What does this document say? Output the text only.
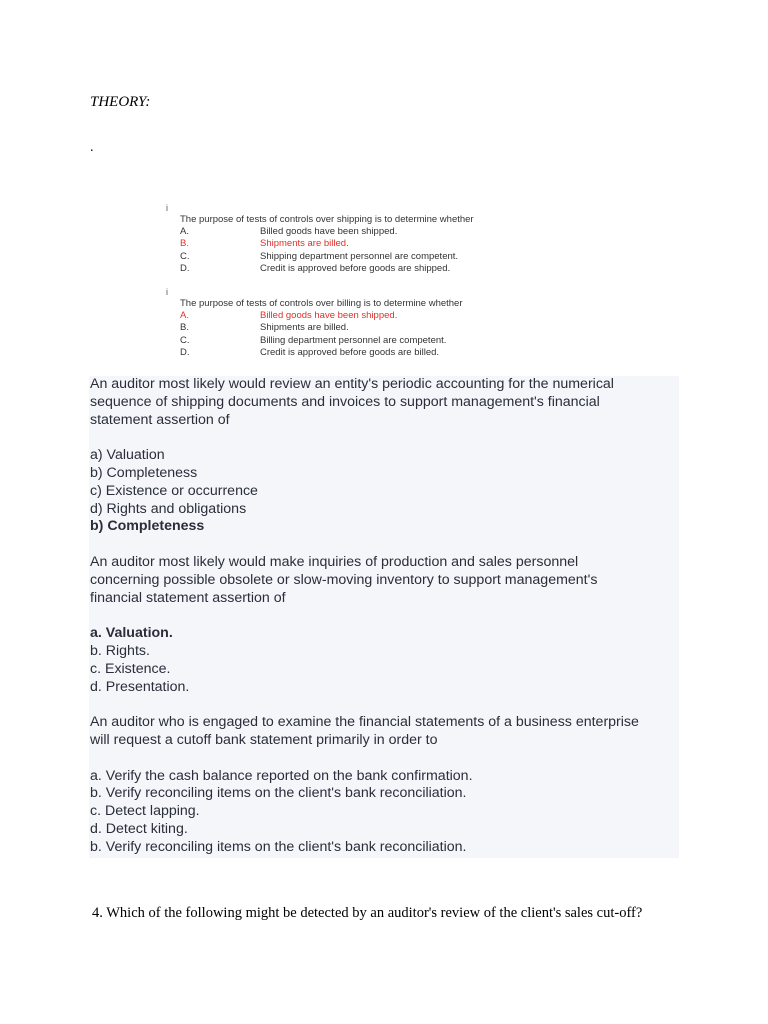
THEORY:
.
i
The purpose of tests of controls over shipping is to determine whether
A.	Billed goods have been shipped.
B.	Shipments are billed.
C.	Shipping department personnel are competent.
D.	Credit is approved before goods are shipped.
i
The purpose of tests of controls over billing is to determine whether
A.	Billed goods have been shipped.
B.	Shipments are billed.
C.	Billing department personnel are competent.
D.	Credit is approved before goods are billed.

An auditor most likely would review an entity's periodic accounting for the numerical

sequence of shipping documents and invoices to support management's financial

statement assertion of

a) Valuation

b) Completeness

c) Existence or occurrence

d) Rights and obligations

b) Completeness

An auditor most likely would make inquiries of production and sales personnel

concerning possible obsolete or slow-moving inventory to support management's

financial statement assertion of

a. Valuation.

b. Rights.

c. Existence.

d. Presentation.

An auditor who is engaged to examine the financial statements of a business enterprise

will request a cutoff bank statement primarily in order to

a. Verify the cash balance reported on the bank confirmation.

b. Verify reconciling items on the client's bank reconciliation.

c. Detect lapping.

d. Detect kiting.

b. Verify reconciling items on the client's bank reconciliation.

4. Which of the following might be detected by an auditor's review of the client's sales cut-off?
